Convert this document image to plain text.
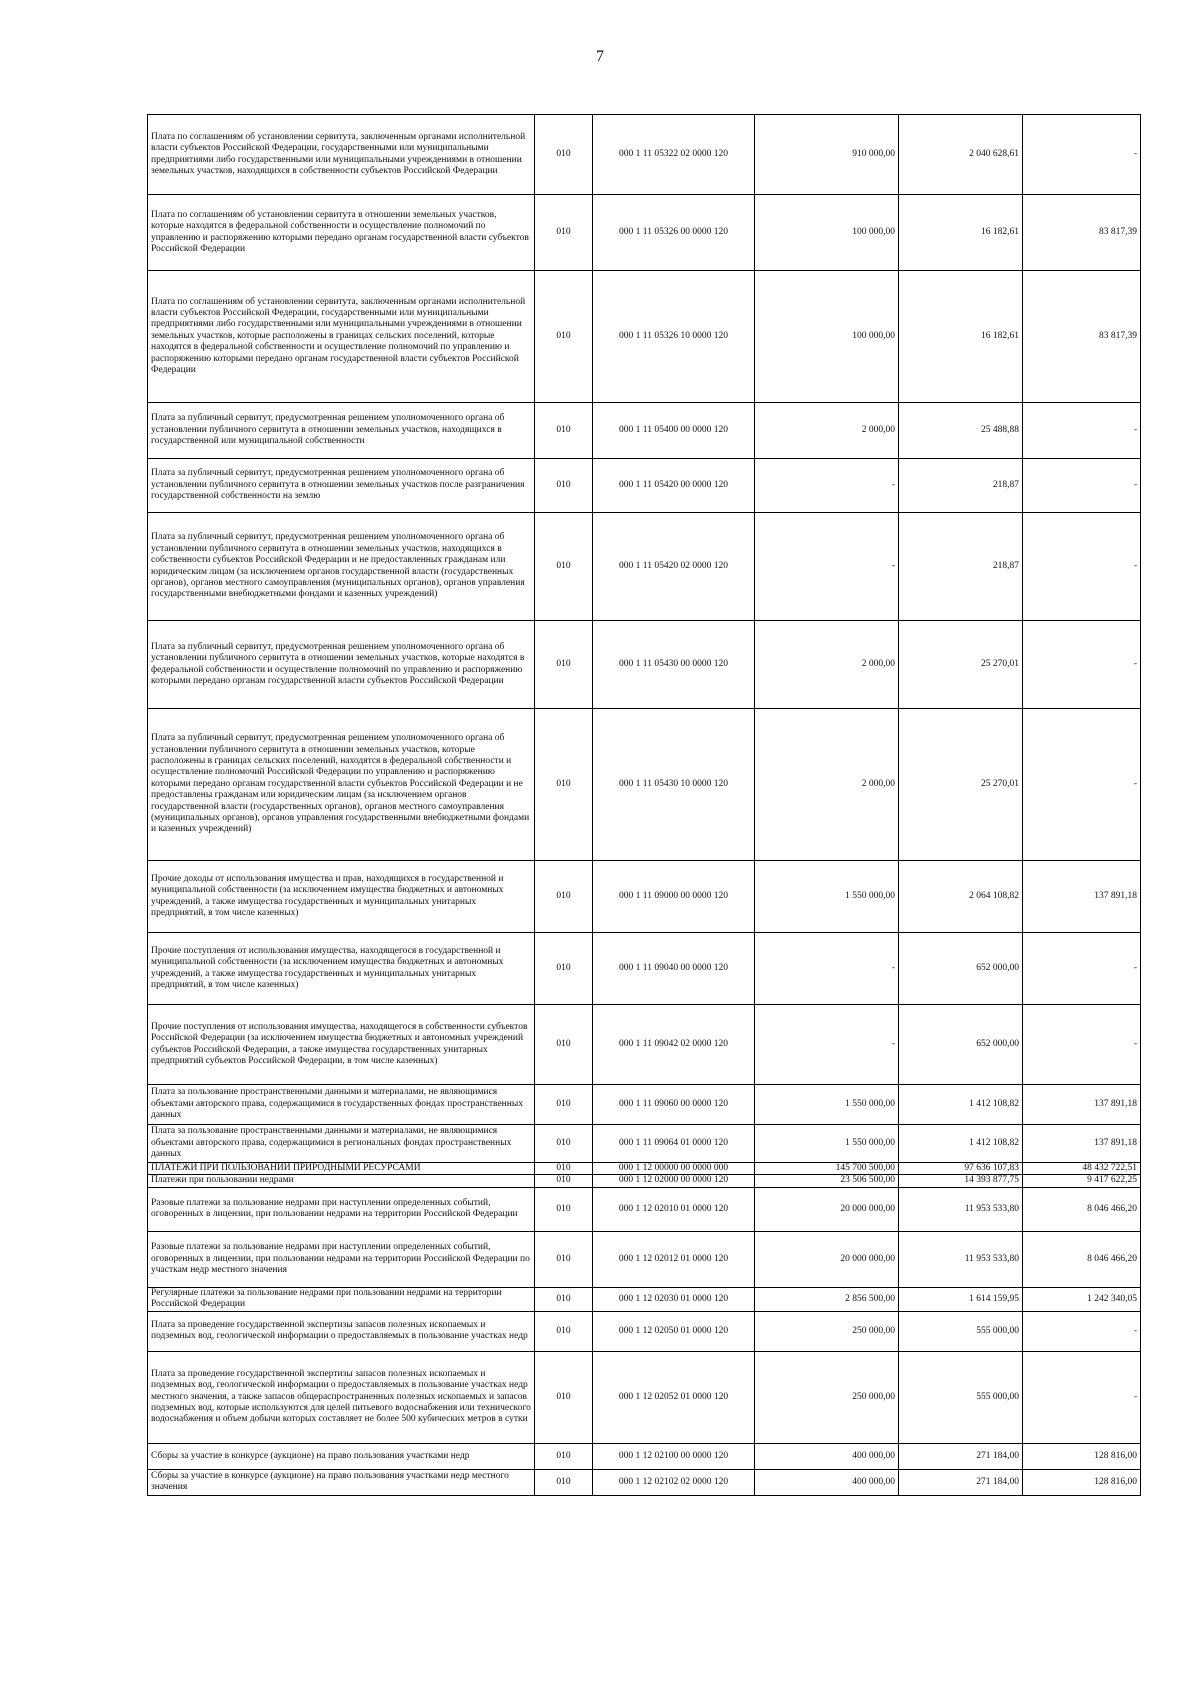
7
Плата по соглашениям об установлении сервитута, заключенным органами исполнительной власти субъектов Российской Федерации, государственными или муниципальными предприятиями либо государственными или муниципальными учреждениями в отношении земельных участков, находящихся в собственности субъектов Российской Федерации	010	000 1 11 05322 02 0000 120	910 000,00	2 040 628,61	-
Плата по соглашениям об установлении сервитута в отношении земельных участков, которые находятся в федеральной собственности и осуществление полномочий по управлению и распоряжению которыми передано органам государственной власти субъектов Российской Федерации	010	000 1 11 05326 00 0000 120	100 000,00	16 182,61	83 817,39
Плата по соглашениям об установлении сервитута, заключенным органами исполнительной власти субъектов Российской Федерации, государственными или муниципальными предприятиями либо государственными или муниципальными учреждениями в отношении земельных участков, которые расположены в границах сельских поселений, которые находятся в федеральной собственности и осуществление полномочий по управлению и распоряжению которыми передано органам государственной власти субъектов Российской Федерации	010	000 1 11 05326 10 0000 120	100 000,00	16 182,61	83 817,39
Плата за публичный сервитут, предусмотренная решением уполномоченного органа об установлении публичного сервитута в отношении земельных участков, находящихся в государственной или муниципальной собственности	010	000 1 11 05400 00 0000 120	2 000,00	25 488,88	-
Плата за публичный сервитут, предусмотренная решением уполномоченного органа об установлении публичного сервитута в отношении земельных участков после разграничения государственной собственности на землю	010	000 1 11 05420 00 0000 120	-	218,87	-
Плата за публичный сервитут, предусмотренная решением уполномоченного органа об установлении публичного сервитута в отношении земельных участков, находящихся в собственности субъектов Российской Федерации и не предоставленных гражданам или юридическим лицам (за исключением органов государственной власти (государственных органов), органов местного самоуправления (муниципальных органов), органов управления государственными внебюджетными фондами и казенных учреждений)	010	000 1 11 05420 02 0000 120	-	218,87	-
Плата за публичный сервитут, предусмотренная решением уполномоченного органа об установлении публичного сервитута в отношении земельных участков, которые находятся в федеральной собственности и осуществление полномочий по управлению и распоряжению которыми передано органам государственной власти субъектов Российской Федерации	010	000 1 11 05430 00 0000 120	2 000,00	25 270,01	-
Плата за публичный сервитут, предусмотренная решением уполномоченного органа об установлении публичного сервитута в отношении земельных участков, которые расположены в границах сельских поселений, находятся в федеральной собственности и осуществление полномочий Российской Федерации по управлению и распоряжению которыми передано органам государственной власти субъектов Российской Федерации и не предоставлены гражданам или юридическим лицам (за исключением органов государственной власти (государственных органов), органов местного самоуправления (муниципальных органов), органов управления государственными внебюджетными фондами и казенных учреждений)	010	000 1 11 05430 10 0000 120	2 000,00	25 270,01	-
Прочие доходы от использования имущества и прав, находящихся в государственной и муниципальной собственности (за исключением имущества бюджетных и автономных учреждений, а также имущества государственных и муниципальных унитарных предприятий, в том числе казенных)	010	000 1 11 09000 00 0000 120	1 550 000,00	2 064 108,82	137 891,18
Прочие поступления от использования имущества, находящегося в государственной и муниципальной собственности (за исключением имущества бюджетных и автономных учреждений, а также имущества государственных и муниципальных унитарных предприятий, в том числе казенных)	010	000 1 11 09040 00 0000 120	-	652 000,00	-
Прочие поступления от использования имущества, находящегося в собственности субъектов Российской Федерации (за исключением имущества бюджетных и автономных учреждений субъектов Российской Федерации, а также имущества государственных унитарных предприятий субъектов Российской Федерации, в том числе казенных)	010	000 1 11 09042 02 0000 120	-	652 000,00	-
Плата за пользование пространственными данными и материалами, не являющимися объектами авторского права, содержащимися в государственных фондах пространственных данных	010	000 1 11 09060 00 0000 120	1 550 000,00	1 412 108,82	137 891,18
Плата за пользование пространственными данными и материалами, не являющимися объектами авторского права, содержащимися в региональных фондах пространственных данных	010	000 1 11 09064 01 0000 120	1 550 000,00	1 412 108,82	137 891,18
ПЛАТЕЖИ ПРИ ПОЛЬЗОВАНИИ ПРИРОДНЫМИ РЕСУРСАМИ	010	000 1 12 00000 00 0000 000	145 700 500,00	97 636 107,83	48 432 722,51
Платежи при пользовании недрами	010	000 1 12 02000 00 0000 120	23 506 500,00	14 393 877,75	9 417 622,25
Разовые платежи за пользование недрами при наступлении определенных событий, оговоренных в лицензии, при пользовании недрами на территории Российской Федерации	010	000 1 12 02010 01 0000 120	20 000 000,00	11 953 533,80	8 046 466,20
Разовые платежи за пользование недрами при наступлении определенных событий, оговоренных в лицензии, при пользовании недрами на территории Российской Федерации по участкам недр местного значения	010	000 1 12 02012 01 0000 120	20 000 000,00	11 953 533,80	8 046 466,20
Регулярные платежи за пользование недрами при пользовании недрами на территории Российской Федерации	010	000 1 12 02030 01 0000 120	2 856 500,00	1 614 159,95	1 242 340,05
Плата за проведение государственной экспертизы запасов полезных ископаемых и подземных вод, геологической информации о предоставляемых в пользование участках недр	010	000 1 12 02050 01 0000 120	250 000,00	555 000,00	-
Плата за проведение государственной экспертизы запасов полезных ископаемых и подземных вод, геологической информации о предоставляемых в пользование участках недр местного значения, а также запасов общераспространенных полезных ископаемых и запасов подземных вод, которые используются для целей питьевого водоснабжения или технического водоснабжения и объем добычи которых составляет не более 500 кубических метров в сутки	010	000 1 12 02052 01 0000 120	250 000,00	555 000,00	-
Сборы за участие в конкурсе (аукционе) на право пользования участками недр	010	000 1 12 02100 00 0000 120	400 000,00	271 184,00	128 816,00
Сборы за участие в конкурсе (аукционе) на право пользования участками недр местного значения	010	000 1 12 02102 02 0000 120	400 000,00	271 184,00	128 816,00
